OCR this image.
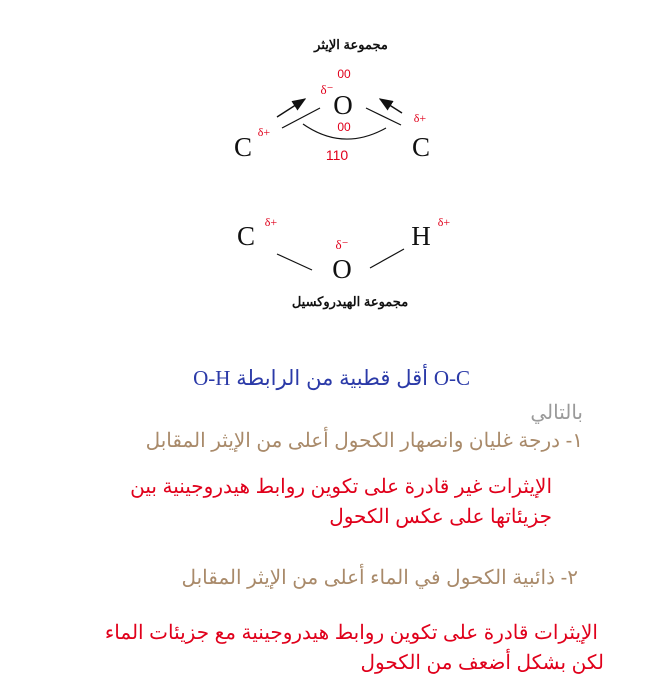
مجموعة الإيثر
00
δ⁻
O
00
C δ+	C
δ+
110
C δ+
δ⁻
O
H δ+
مجموعة الهيدروكسيل
O-C أقل قطبية من الرابطة O-H
بالتالي
١- درجة غليان وانصهار الكحول أعلى من الإيثر المقابل
الإيثرات غير قادرة على تكوين روابط هيدروجينية بين
جزيئاتها على عكس الكحول
٢- ذائبية الكحول في الماء أعلى من الإيثر المقابل
الإيثرات قادرة على تكوين روابط هيدروجينية مع جزيئات الماء
لكن بشكل أضعف من الكحول
